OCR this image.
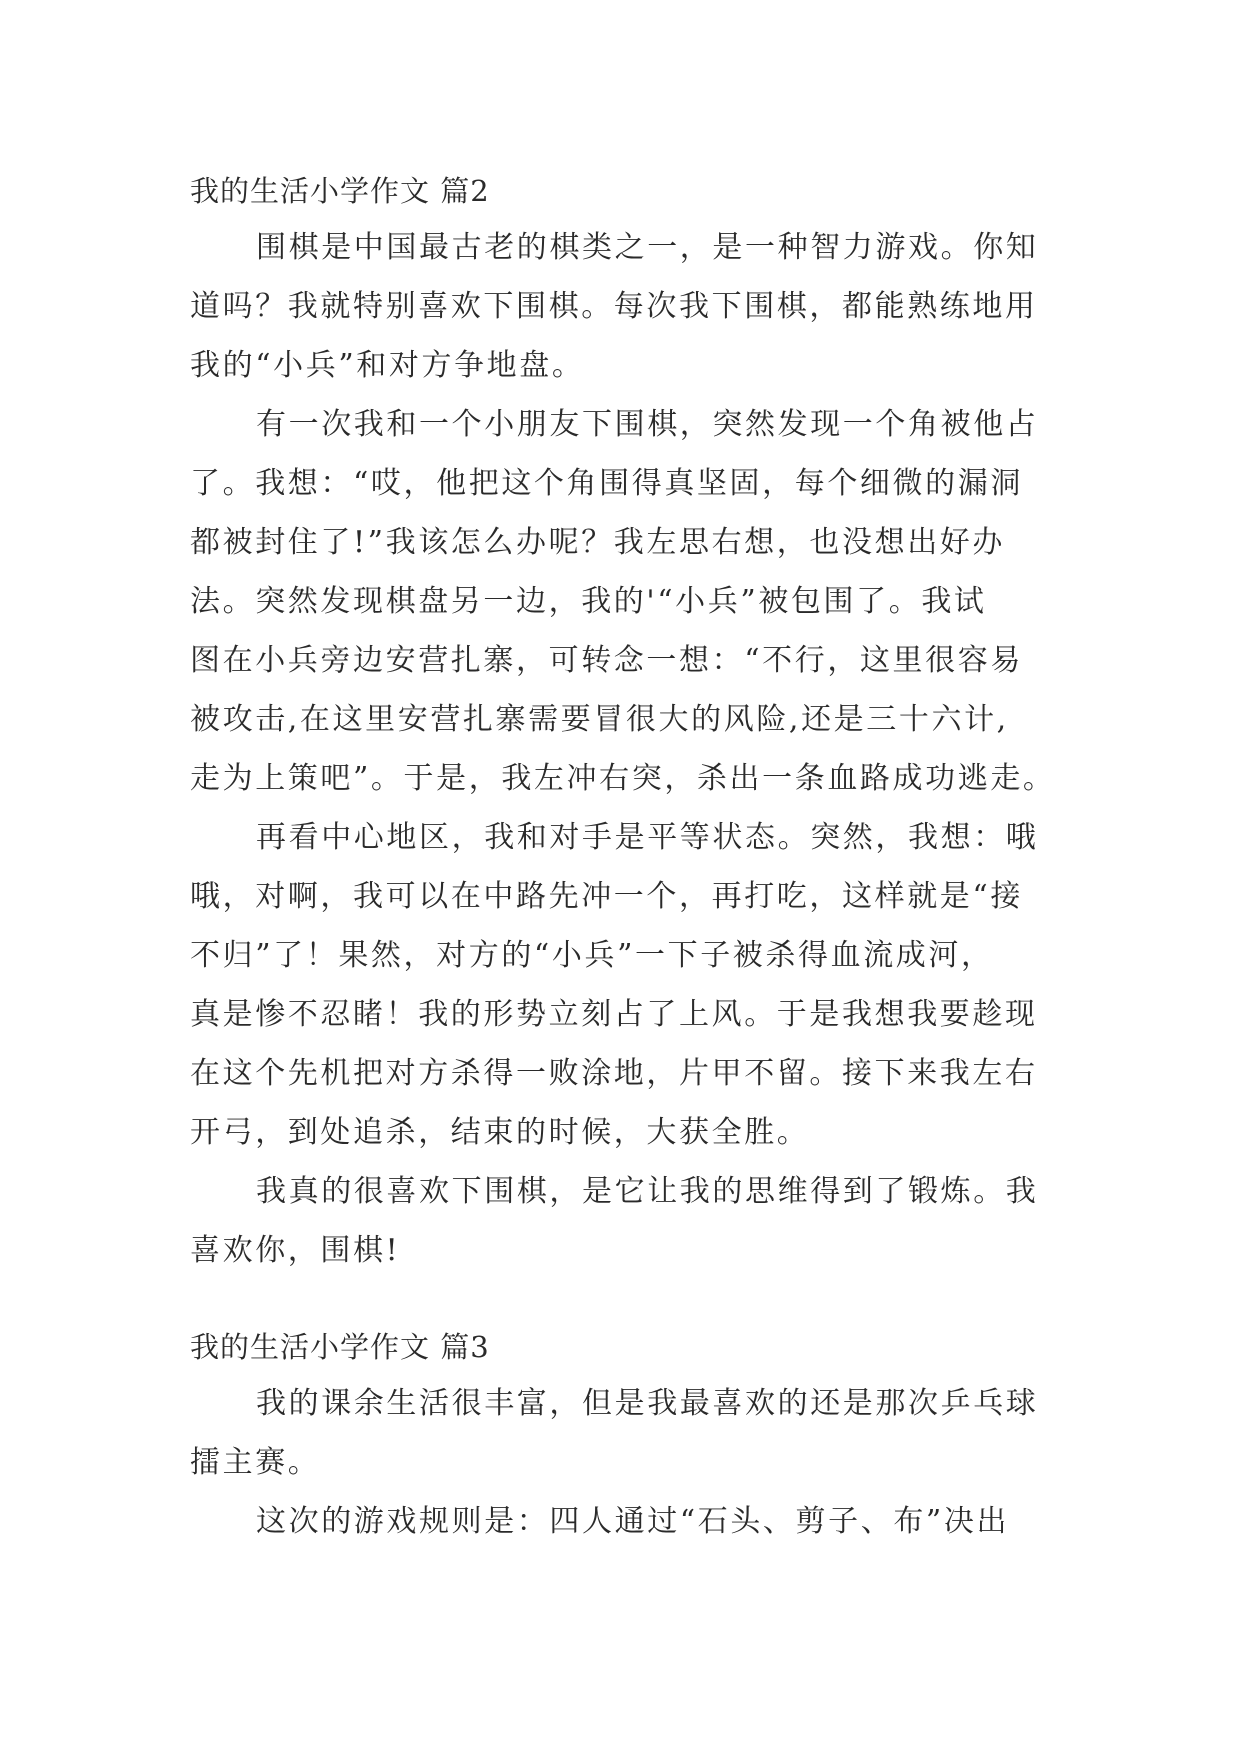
我的生活小学作文 篇2

围棋是中国最古老的棋类之一，是一种智力游戏。你知
道吗？我就特别喜欢下围棋。每次我下围棋，都能熟练地用
我的“小兵”和对方争地盘。

有一次我和一个小朋友下围棋，突然发现一个角被他占
了。我想：“哎，他把这个角围得真坚固，每个细微的漏洞
都被封住了!”我该怎么办呢？我左思右想，也没想出好办
法。突然发现棋盘另一边，我的'“小兵”被包围了。我试
图在小兵旁边安营扎寨，可转念一想：“不行，这里很容易
被攻击,在这里安营扎寨需要冒很大的风险,还是三十六计,
走为上策吧”。于是，我左冲右突，杀出一条血路成功逃走。

再看中心地区，我和对手是平等状态。突然，我想：哦
哦，对啊，我可以在中路先冲一个，再打吃，这样就是“接
不归”了！果然，对方的“小兵”一下子被杀得血流成河，
真是惨不忍睹！我的形势立刻占了上风。于是我想我要趁现
在这个先机把对方杀得一败涂地，片甲不留。接下来我左右
开弓，到处追杀，结束的时候，大获全胜。

我真的很喜欢下围棋，是它让我的思维得到了锻炼。我
喜欢你，围棋!

我的生活小学作文 篇3

我的课余生活很丰富，但是我最喜欢的还是那次乒乓球
擂主赛。

这次的游戏规则是：四人通过“石头、剪子、布”决出
